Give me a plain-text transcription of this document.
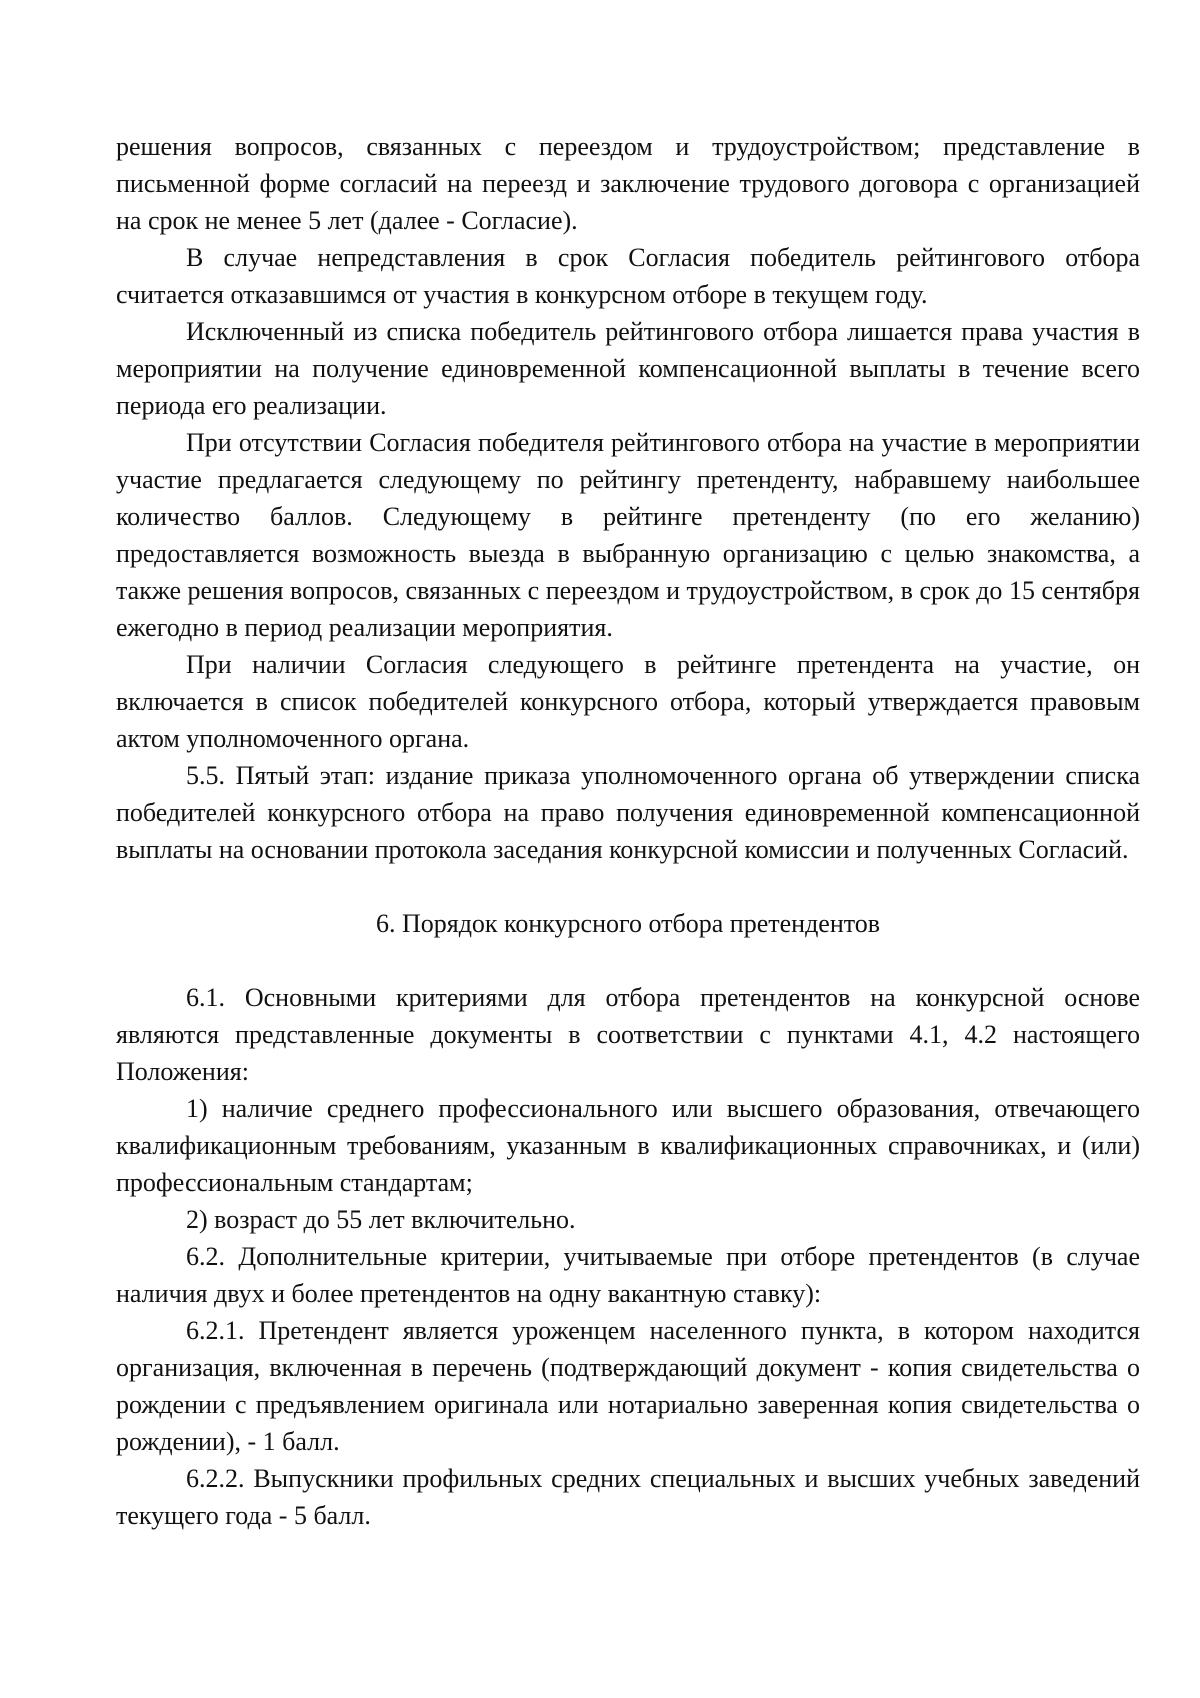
решения вопросов, связанных с переездом и трудоустройством; представление в письменной форме согласий на переезд и заключение трудового договора с организацией на срок не менее 5 лет (далее - Согласие).

В случае непредставления в срок Согласия победитель рейтингового отбора считается отказавшимся от участия в конкурсном отборе в текущем году.

Исключенный из списка победитель рейтингового отбора лишается права участия в мероприятии на получение единовременной компенсационной выплаты в течение всего периода его реализации.

При отсутствии Согласия победителя рейтингового отбора на участие в мероприятии участие предлагается следующему по рейтингу претенденту, набравшему наибольшее количество баллов. Следующему в рейтинге претенденту (по его желанию) предоставляется возможность выезда в выбранную организацию с целью знакомства, а также решения вопросов, связанных с переездом и трудоустройством, в срок до 15 сентября ежегодно в период реализации мероприятия.

При наличии Согласия следующего в рейтинге претендента на участие, он включается в список победителей конкурсного отбора, который утверждается правовым актом уполномоченного органа.

5.5. Пятый этап: издание приказа уполномоченного органа об утверждении списка победителей конкурсного отбора на право получения единовременной компенсационной выплаты на основании протокола заседания конкурсной комиссии и полученных Согласий.

6. Порядок конкурсного отбора претендентов

6.1. Основными критериями для отбора претендентов на конкурсной основе являются представленные документы в соответствии с пунктами 4.1, 4.2 настоящего Положения:

1) наличие среднего профессионального или высшего образования, отвечающего квалификационным требованиям, указанным в квалификационных справочниках, и (или) профессиональным стандартам;

2) возраст до 55 лет включительно.

6.2. Дополнительные критерии, учитываемые при отборе претендентов (в случае наличия двух и более претендентов на одну вакантную ставку):

6.2.1. Претендент является уроженцем населенного пункта, в котором находится организация, включенная в перечень (подтверждающий документ - копия свидетельства о рождении с предъявлением оригинала или нотариально заверенная копия свидетельства о рождении), - 1 балл.

6.2.2. Выпускники профильных средних специальных и высших учебных заведений текущего года - 5 балл.
